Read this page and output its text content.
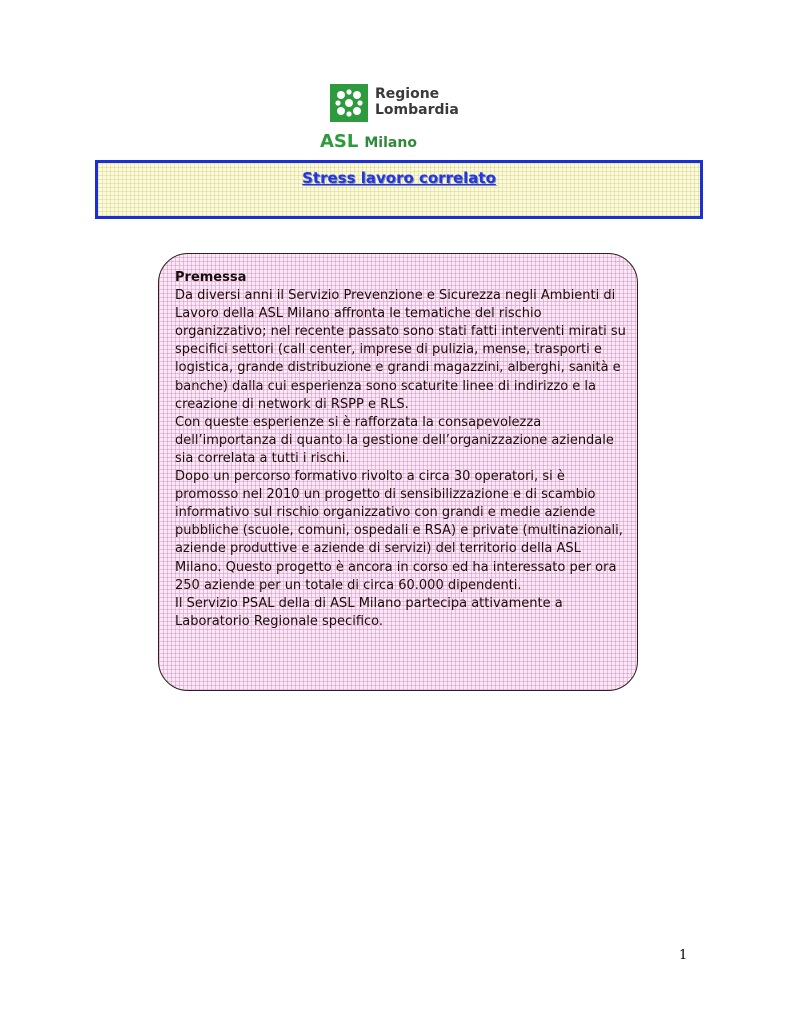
Regione
Lombardia
ASL Milano
Stress lavoro correlato
Premessa
Da diversi anni il Servizio Prevenzione e Sicurezza negli Ambienti di Lavoro della ASL Milano affronta le tematiche del rischio organizzativo; nel recente passato sono stati fatti interventi mirati su specifici settori (call center, imprese di pulizia, mense, trasporti e logistica, grande distribuzione e grandi magazzini, alberghi, sanità e banche) dalla cui esperienza sono scaturite linee di indirizzo e la creazione di network di RSPP e RLS.
Con queste esperienze si è rafforzata la consapevolezza dell’importanza di quanto la gestione dell’organizzazione aziendale sia correlata a tutti i rischi.
Dopo un percorso formativo rivolto a circa 30 operatori, si è promosso nel 2010 un progetto di sensibilizzazione e di scambio informativo sul rischio organizzativo con grandi e medie aziende pubbliche (scuole, comuni, ospedali e RSA) e private (multinazionali, aziende produttive e aziende di servizi) del territorio della ASL Milano. Questo progetto è ancora in corso ed ha interessato per ora 250 aziende per un totale di circa 60.000 dipendenti.
Il Servizio PSAL della di ASL Milano partecipa attivamente a Laboratorio Regionale specifico.
1
